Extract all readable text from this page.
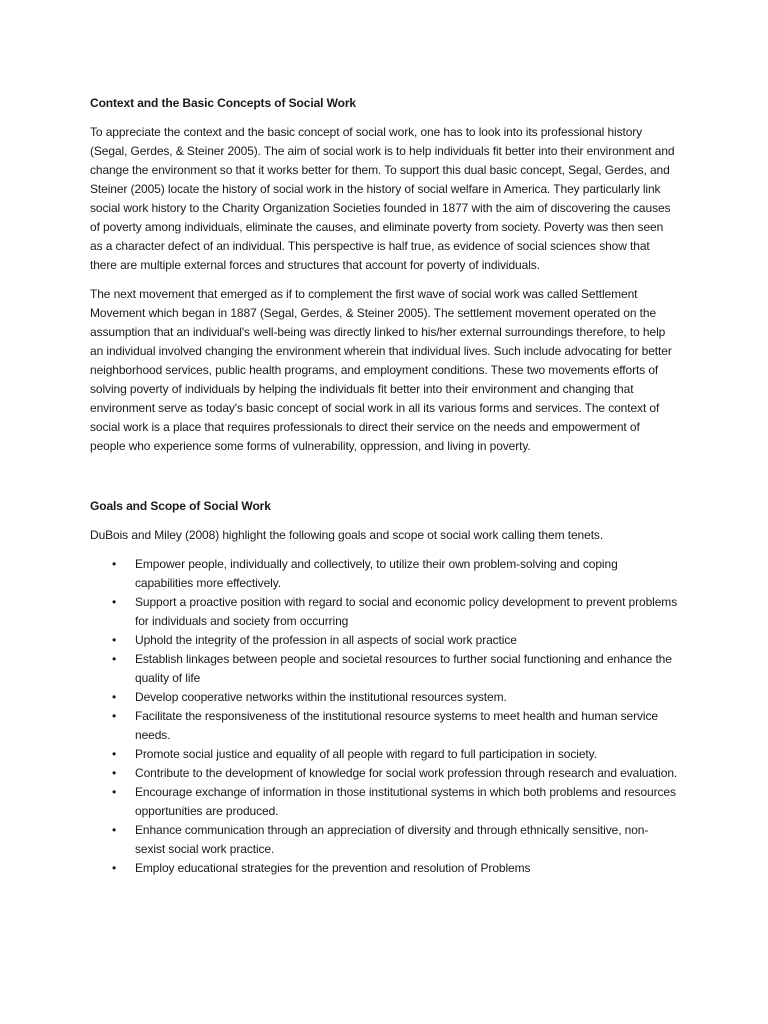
Context and the Basic Concepts of Social Work

To appreciate the context and the basic concept of social work, one has to look into its professional history (Segal, Gerdes, & Steiner 2005). The aim of social work is to help individuals fit better into their environment and change the environment so that it works better for them. To support this dual basic concept, Segal, Gerdes, and Steiner (2005) locate the history of social work in the history of social welfare in America. They particularly link social work history to the Charity Organization Societies founded in 1877 with the aim of discovering the causes of poverty among individuals, eliminate the causes, and eliminate poverty from society. Poverty was then seen as a character defect of an individual. This perspective is half true, as evidence of social sciences show that there are multiple external forces and structures that account for poverty of individuals.

The next movement that emerged as if to complement the first wave of social work was called Settlement Movement which began in 1887 (Segal, Gerdes, & Steiner 2005). The settlement movement operated on the assumption that an individual's well-being was directly linked to his/her external surroundings therefore, to help an individual involved changing the environment wherein that individual lives. Such include advocating for better neighborhood services, public health programs, and employment conditions. These two movements efforts of solving poverty of individuals by helping the individuals fit better into their environment and changing that environment serve as today's basic concept of social work in all its various forms and services. The context of social work is a place that requires professionals to direct their service on the needs and empowerment of people who experience some forms of vulnerability, oppression, and living in poverty.

Goals and Scope of Social Work

DuBois and Miley (2008) highlight the following goals and scope ot social work calling them tenets.

• Empower people, individually and collectively, to utilize their own problem-solving and coping capabilities more effectively.
• Support a proactive position with regard to social and economic policy development to prevent problems for individuals and society from occurring
• Uphold the integrity of the profession in all aspects of social work practice
• Establish linkages between people and societal resources to further social functioning and enhance the quality of life
• Develop cooperative networks within the institutional resources system.
• Facilitate the responsiveness of the institutional resource systems to meet health and human service needs.
• Promote social justice and equality of all people with regard to full participation in society.
• Contribute to the development of knowledge for social work profession through research and evaluation.
• Encourage exchange of information in those institutional systems in which both problems and resources opportunities are produced.
• Enhance communication through an appreciation of diversity and through ethnically sensitive, non-sexist social work practice.
• Employ educational strategies for the prevention and resolution of Problems
